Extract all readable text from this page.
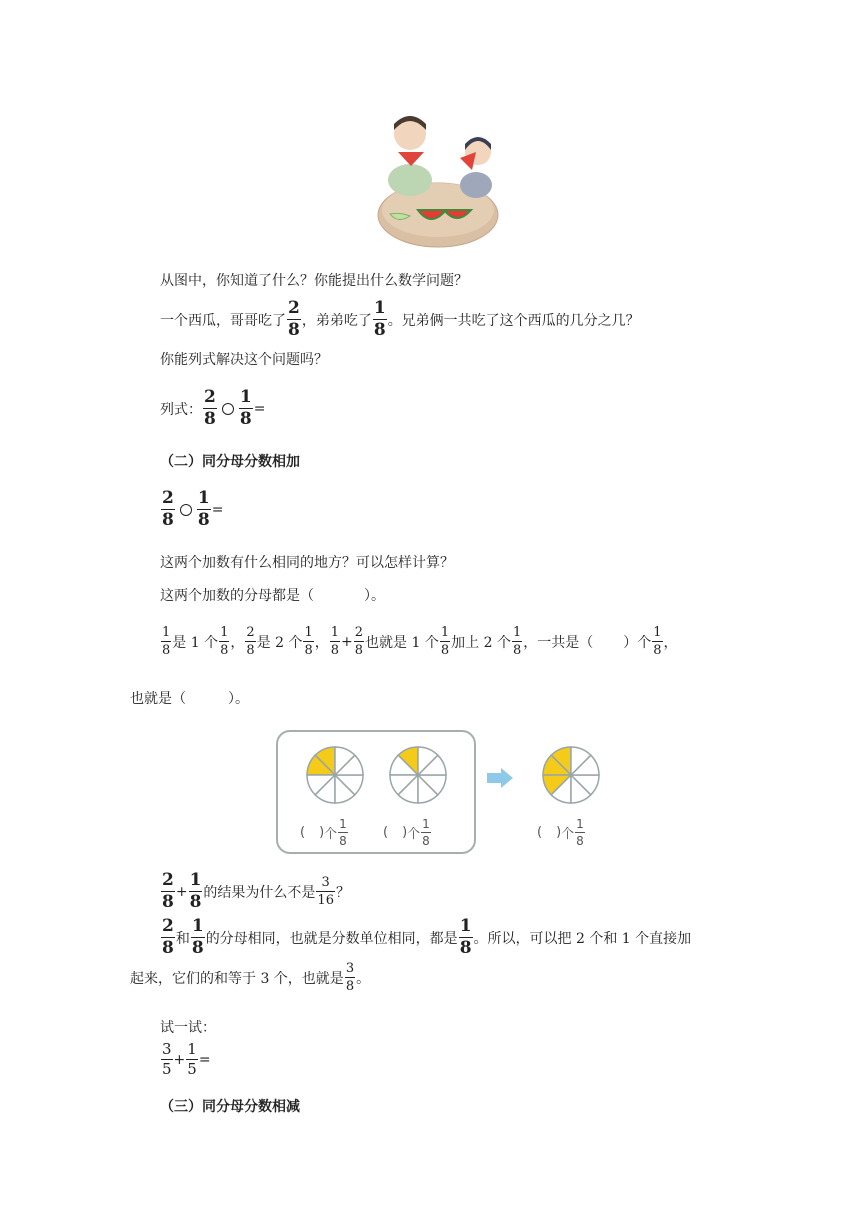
从图中，你知道了什么？你能提出什么数学问题？
一个西瓜，哥哥吃了 $\frac{2}{8}$ ，弟弟吃了 $\frac{1}{8}$ 。兄弟俩一共吃了这个西瓜的几分之几？
你能列式解决这个问题吗？
列式： $\frac{2}{8} \frac{1}{8}$ =
（二）同分母分数相加
$\frac{2}{8} \frac{1}{8}$ =
这两个加数有什么相同的地方？可以怎样计算？
这两个加数的分母都是（	）。
$\frac{1}{8}$ 是 1 个 $\frac{1}{8}$ ， $\frac{2}{8}$ 是 2 个 $\frac{1}{8}$ ， $\frac{1}{8} + \frac{2}{8}$ 也就是 1 个 $\frac{1}{8}$ 加上 2 个 $\frac{1}{8}$ ，一共是（ ）个 $\frac{1}{8}$ ，
也就是（	）。
( ) 个 $\frac{1}{8}$	( ) 个 $\frac{1}{8}$	( ) 个 $\frac{1}{8}$
$\frac{2}{8} + \frac{1}{8}$ 的结果为什么不是 $\frac{3}{16}$ ？
$\frac{2}{8}$ 和 $\frac{1}{8}$ 的分母相同，也就是分数单位相同，都是 $\frac{1}{8}$ 。所以，可以把 2 个和 1 个直接加
起来，它们的和等于 3 个，也就是 $\frac{3}{8}$ 。
试一试：
$\frac{3}{5} + \frac{1}{5}$ =
（三）同分母分数相减
